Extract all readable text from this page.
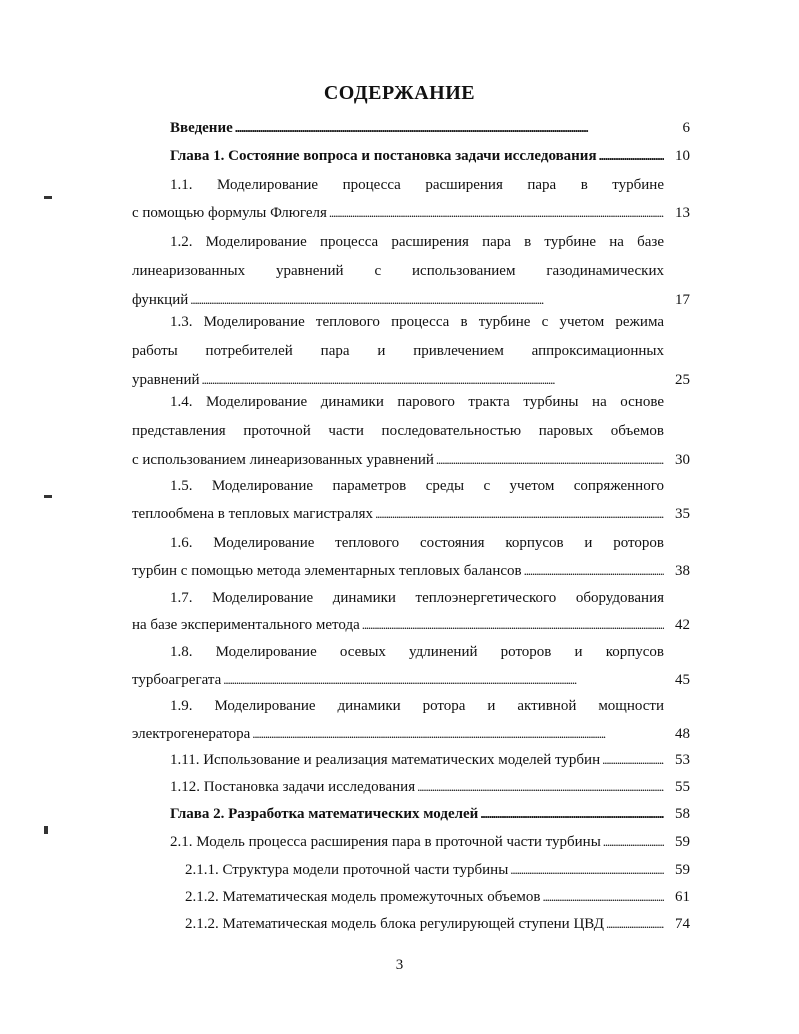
СОДЕРЖАНИЕ
Введение . . .	6
Глава 1. Состояние вопроса и постановка задачи исследования . . .	10
1.1. Моделирование процесса расширения пара в турбине
с помощью формулы Флюгеля . . .	13
1.2. Моделирование процесса расширения пара в турбине на базе
линеаризованных уравнений с использованием газодинамических
функций . . .	17
1.3. Моделирование теплового процесса в турбине с учетом режима
работы потребителей пара и привлечением аппроксимационных
уравнений . . .	25
1.4. Моделирование динамики парового тракта турбины на основе
представления проточной части последовательностью паровых объемов
с использованием линеаризованных уравнений . . .	30
1.5. Моделирование параметров среды с учетом сопряженного
теплообмена в тепловых магистралях . . .	35
1.6. Моделирование теплового состояния корпусов и роторов
турбин с помощью метода элементарных тепловых балансов . . .	38
1.7. Моделирование динамики теплоэнергетического оборудования
на базе экспериментального метода . . .	42
1.8. Моделирование осевых удлинений роторов и корпусов
турбоагрегата . . .	45
1.9. Моделирование динамики ротора и активной мощности
электрогенератора . . .	48
1.11. Использование и реализация математических моделей турбин . . .	53
1.12. Постановка задачи исследования . . .	55
Глава 2. Разработка математических моделей . . .	58
2.1. Модель процесса расширения пара в проточной части турбины . . .	59
2.1.1. Структура модели проточной части турбины . . .	59
2.1.2. Математическая модель промежуточных объемов . . .	61
2.1.2. Математическая модель блока регулирующей ступени ЦВД . . .	74
3
